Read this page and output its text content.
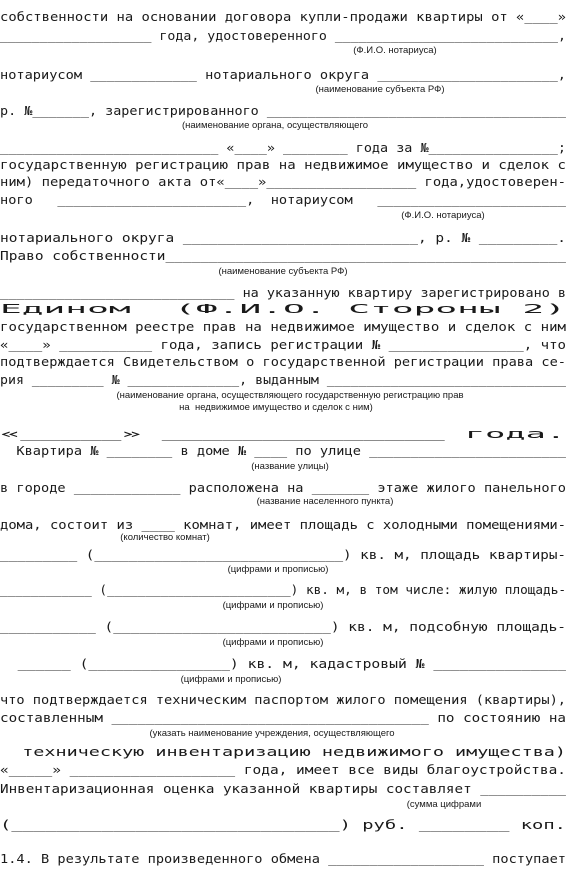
собственности на основании договора купли-продажи квартиры от «____»
___________________ года, удостоверенного ____________________________,
нотариусом _____________ нотариального округа ______________________,
р. №_______, зарегистрированного _____________________________________
___________________________ «____» ________ года за №________________;
государственную регистрацию прав на недвижимое имущество и сделок с
ним) передаточного акта от«____»__________________ года,удостоверен-
ного   _______________________,  нотариусом   _______________________
нотариального округа ___________________________, р. № _________.
Право собственности______________________________________________
_____________________________ на указанную квартиру зарегистрировано в
Едином  (Ф.И.О. Стороны 2)
государственном реестре прав на недвижимое имущество и сделок с ним
«____» ___________ года, запись регистрации № ________________, что
подтверждается Свидетельством о государственной регистрации права се-
рия _________ № ______________, выданным ______________________________
«_____» ______________ года.
Квартира № ________ в доме № ____ по улице ________________________
в городе _____________ расположена на _______ этаже жилого панельного
дома, состоит из ____ комнат, имеет площадь с холодными помещениями-
_________ (_____________________________) кв. м, площадь квартиры-
____________ (________________________) кв. м, в том числе: жилую площадь-
___________ (_________________________) кв. м, подсобную площадь-
______ (________________) кв. м, кадастровый № _______________
что подтверждается техническим паспортом жилого помещения (квартиры),
составленным _____________________________________ по состоянию на
техническую инвентаризацию недвижимого имущества)
«_____» ___________________ года, имеет все виды благоустройства.
Инвентаризационная оценка указанной квартиры составляет __________
(_____________________________) руб. ________ коп.
1.4. В результате произведенного обмена ___________________ поступает
(Ф.И.О. нотариуса)
(наименование субъекта РФ)
(наименование органа, осуществляющего
(Ф.И.О. нотариуса)
(наименование субъекта РФ)
(наименование органа, осуществляющего государственную регистрацию прав
на  недвижимое имущество и сделок с ним)
(название улицы)
(название населенного пункта)
(количество комнат)
(цифрами и прописью)
(цифрами и прописью)
(цифрами и прописью)
(цифрами и прописью)
(указать наименование учреждения, осуществляющего
(сумма цифрами
